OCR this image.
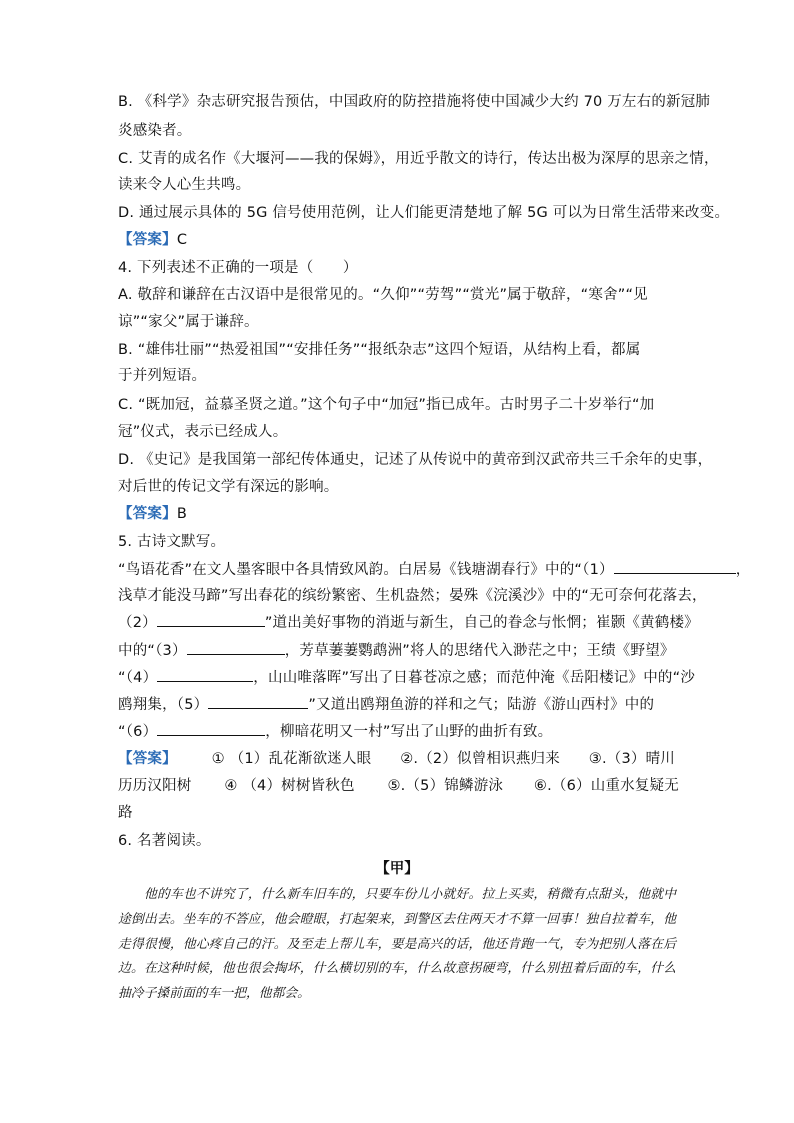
B. 《科学》杂志研究报告预估，中国政府的防控措施将使中国减少大约 70 万左右的新冠肺
炎感染者。
C. 艾青的成名作《大堰河——我的保姆》，用近乎散文的诗行，传达出极为深厚的思亲之情，
读来令人心生共鸣。
D. 通过展示具体的 5G 信号使用范例，让人们能更清楚地了解 5G 可以为日常生活带来改变。
【答案】C
4. 下列表述不正确的一项是（　　）
A. 敬辞和谦辞在古汉语中是很常见的。“久仰”“劳驾”“赏光”属于敬辞，“寒舍”“见
谅”“家父”属于谦辞。
B. “雄伟壮丽”“热爱祖国”“安排任务”“报纸杂志”这四个短语，从结构上看，都属
于并列短语。
C. “既加冠，益慕圣贤之道。”这个句子中“加冠”指已成年。古时男子二十岁举行“加
冠”仪式，表示已经成人。
D. 《史记》是我国第一部纪传体通史，记述了从传说中的黄帝到汉武帝共三千余年的史事，
对后世的传记文学有深远的影响。
【答案】B
5. 古诗文默写。
“鸟语花香”在文人墨客眼中各具情致风韵。白居易《钱塘湖春行》中的“（1）	，
浅草才能没马蹄”写出春花的缤纷繁密、生机盎然；晏殊《浣溪沙》中的“无可奈何花落去，
（2）	”道出美好事物的消逝与新生，自己的眷念与怅惘；崔颢《黄鹤楼》
中的“（3）	，芳草萋萋鹦鹉洲”将人的思绪代入渺茫之中；王绩《野望》
“（4）	，山山唯落晖”写出了日暮苍凉之感；而范仲淹《岳阳楼记》中的“沙
鸥翔集，（5）	”又道出鸥翔鱼游的祥和之气；陆游《游山西村》中的
“（6）	，柳暗花明又一村”写出了山野的曲折有致。
【答案】 ① （1）乱花渐欲迷人眼 ②.（2）似曾相识燕归来 ③.（3）晴川
历历汉阳树 ④ （4）树树皆秋色 ⑤.（5）锦鳞游泳 ⑥.（6）山重水复疑无
路
6. 名著阅读。
【甲】

他的车也不讲究了，什么新车旧车的，只要车份儿小就好。拉上买卖，稍微有点甜头，他就中途倒出去。坐车的不答应，他会瞪眼，打起架来，到警区去住两天才不算一回事！独自拉着车，他走得很慢，他心疼自己的汗。及至走上帮儿车，要是高兴的话，他还肯跑一气，专为把别人落在后边。在这种时候，他也很会掏坏，什么横切别的车，什么故意拐硬弯，什么别扭着后面的车，什么抽冷子搡前面的车一把，他都会。
